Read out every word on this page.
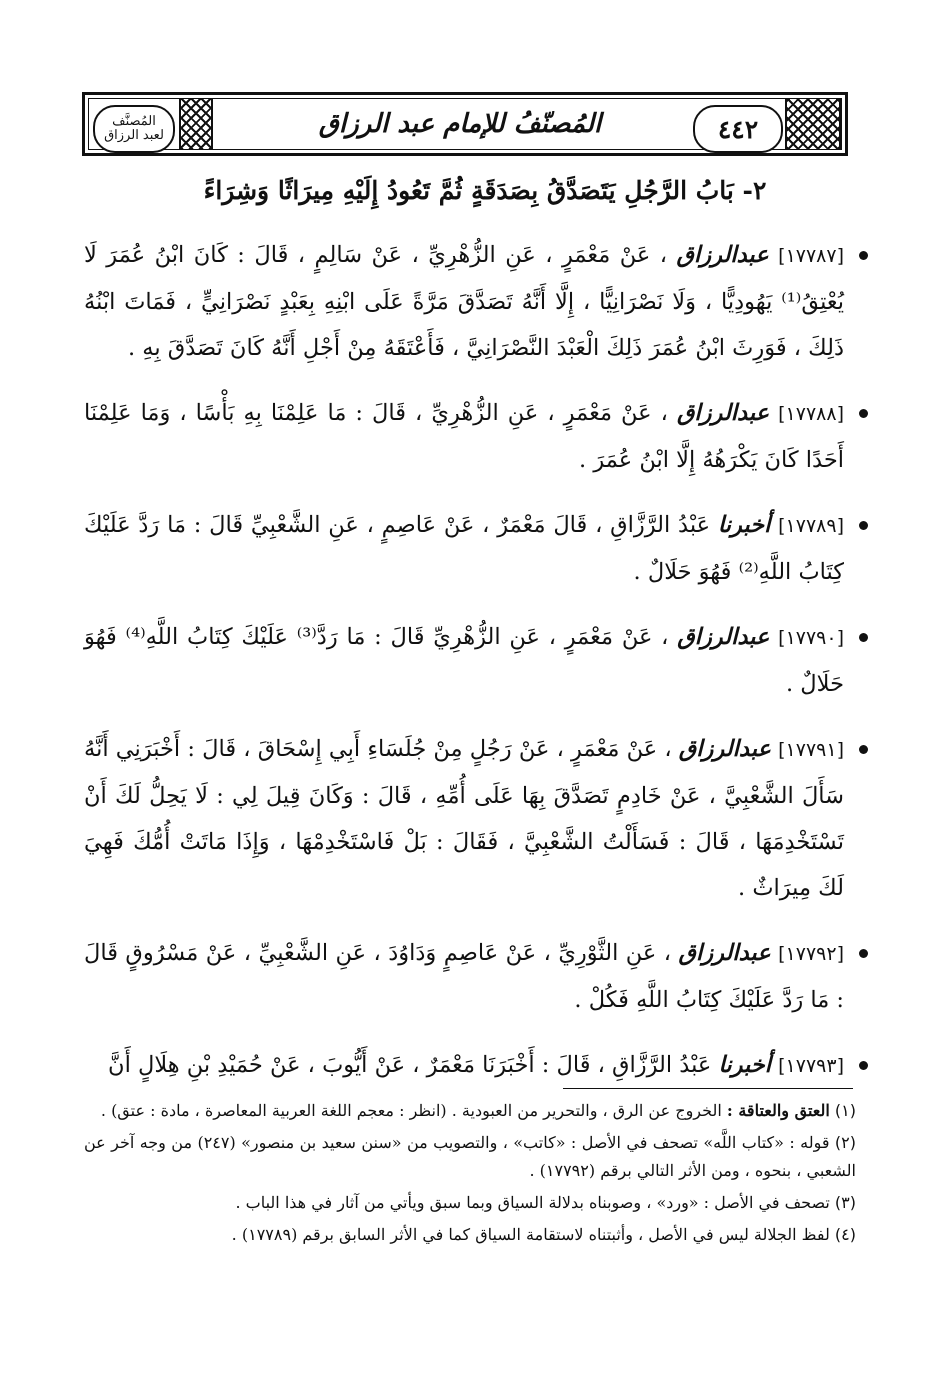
٤٤٢
المُصنّفُ للإمام عبد الرزاق
المُصنَّف
لعبد الرزاق
٢- بَابُ الرَّجُلِ يَتَصَدَّقُ بِصَدَقَةٍ ثُمَّ تَعُودُ إِلَيْهِ مِيرَاثًا وَشِرَاءً

[١٧٧٨٧] عبدالرزاق ، عَنْ مَعْمَرٍ ، عَنِ الزُّهْرِيِّ ، عَنْ سَالِمٍ ، قَالَ : كَانَ ابْنُ عُمَرَ لَا يُعْتِقُ⁽¹⁾ يَهُودِيًّا ، وَلَا نَصْرَانِيًّا ، إِلَّا أَنَّهُ تَصَدَّقَ مَرَّةً عَلَى ابْنِهِ بِعَبْدٍ نَصْرَانِيٍّ ، فَمَاتَ ابْنُهُ ذَلِكَ ، فَوَرِثَ ابْنُ عُمَرَ ذَلِكَ الْعَبْدَ النَّصْرَانِيَّ ، فَأَعْتَقَهُ مِنْ أَجْلِ أَنَّهُ كَانَ تَصَدَّقَ بِهِ .

[١٧٧٨٨] عبدالرزاق ، عَنْ مَعْمَرٍ ، عَنِ الزُّهْرِيِّ ، قَالَ : مَا عَلِمْنَا بِهِ بَأْسًا ، وَمَا عَلِمْنَا أَحَدًا كَانَ يَكْرَهُهُ إِلَّا ابْنُ عُمَرَ .

[١٧٧٨٩] أخبرنا عَبْدُ الرَّزَّاقِ ، قَالَ مَعْمَرٌ ، عَنْ عَاصِمٍ ، عَنِ الشَّعْبِيِّ قَالَ : مَا رَدَّ عَلَيْكَ كِتَابُ اللَّهِ⁽²⁾ فَهُوَ حَلَالٌ .

[١٧٧٩٠] عبدالرزاق ، عَنْ مَعْمَرٍ ، عَنِ الزُّهْرِيِّ قَالَ : مَا رَدَّ⁽³⁾ عَلَيْكَ كِتَابُ اللَّهِ⁽⁴⁾ فَهُوَ حَلَالٌ .

[١٧٧٩١] عبدالرزاق ، عَنْ مَعْمَرٍ ، عَنْ رَجُلٍ مِنْ جُلَسَاءِ أَبِي إِسْحَاقَ ، قَالَ : أَخْبَرَنِي أَنَّهُ سَأَلَ الشَّعْبِيَّ ، عَنْ خَادِمٍ تَصَدَّقَ بِهَا عَلَى أُمِّهِ ، قَالَ : وَكَانَ قِيلَ لِي : لَا يَحِلُّ لَكَ أَنْ تَسْتَخْدِمَهَا ، قَالَ : فَسَأَلْتُ الشَّعْبِيَّ ، فَقَالَ : بَلْ فَاسْتَخْدِمْهَا ، وَإِذَا مَاتَتْ أُمُّكَ فَهِيَ لَكَ مِيرَاثٌ .

[١٧٧٩٢] عبدالرزاق ، عَنِ الثَّوْرِيِّ ، عَنْ عَاصِمٍ وَدَاوُدَ ، عَنِ الشَّعْبِيِّ ، عَنْ مَسْرُوقٍ قَالَ : مَا رَدَّ عَلَيْكَ كِتَابُ اللَّهِ فَكُلْ .

[١٧٧٩٣] أخبرنا عَبْدُ الرَّزَّاقِ ، قَالَ : أَخْبَرَنَا مَعْمَرٌ ، عَنْ أَيُّوبَ ، عَنْ حُمَيْدِ بْنِ هِلَالٍ أَنَّ

(١) العتق والعتاقة : الخروج عن الرق ، والتحرير من العبودية . (انظر : معجم اللغة العربية المعاصرة ، مادة : عتق) .

(٢) قوله : «كتاب اللَّه» تصحف في الأصل : «كاتب» ، والتصويب من «سنن سعيد بن منصور» (٢٤٧) من وجه آخر عن الشعبي ، بنحوه ، ومن الأثر التالي برقم (١٧٧٩٢) .

(٣) تصحف في الأصل : «ورد» ، وصوبناه بدلالة السياق وبما سبق ويأتي من آثار في هذا الباب .

(٤) لفظ الجلالة ليس في الأصل ، وأثبتناه لاستقامة السياق كما في الأثر السابق برقم (١٧٧٨٩) .
